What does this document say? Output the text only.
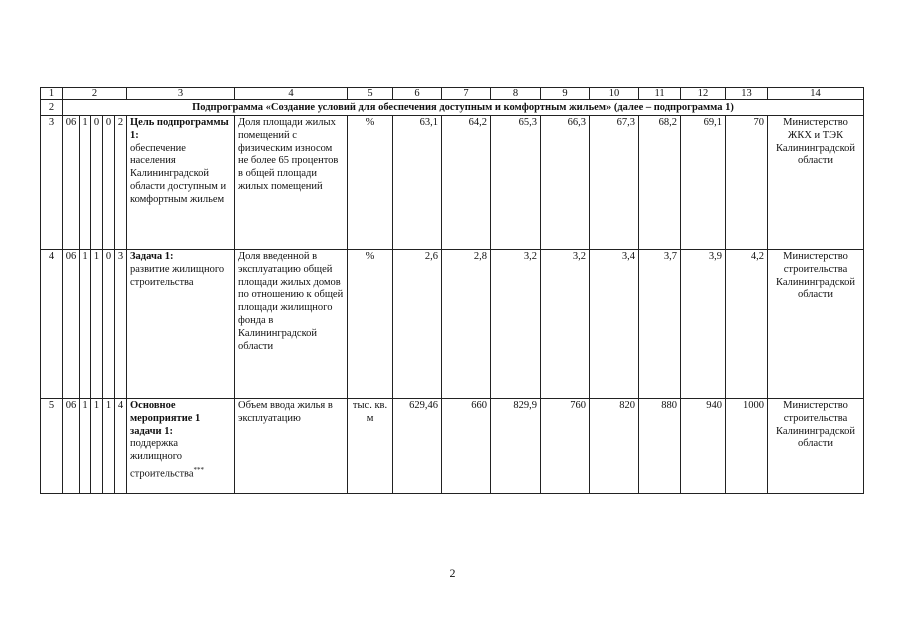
1	2					3	4	5	6	7	8	9	10	11	12	13	14
2	Подпрограмма «Создание условий для обеспечения доступным и комфортным жильем» (далее – подпрограмма 1)																
3	06	1	0	0	2	Цель подпрограммы 1:
обеспечение населения Калининградской области доступным и комфортным жильем	Доля площади жилых помещений с физическим износом не более 65 процентов в общей площади жилых помещений	%	63,1	64,2	65,3	66,3	67,3	68,2	69,1	70	Министерство ЖКХ и ТЭК Калининградской области
4	06	1	1	0	3	Задача 1:
развитие жилищного строительства	Доля введенной в эксплуатацию общей площади жилых домов по отношению к общей площади жилищного фонда в Калининградской области	%	2,6	2,8	3,2	3,2	3,4	3,7	3,9	4,2	Министерство строительства Калининградской области
5	06	1	1	1	4	Основное мероприятие 1 задачи 1:
поддержка жилищного строительства***	Объем ввода жилья в эксплуатацию	тыс. кв. м	629,46	660	829,9	760	820	880	940	1000	Министерство строительства Калининградской области
2
